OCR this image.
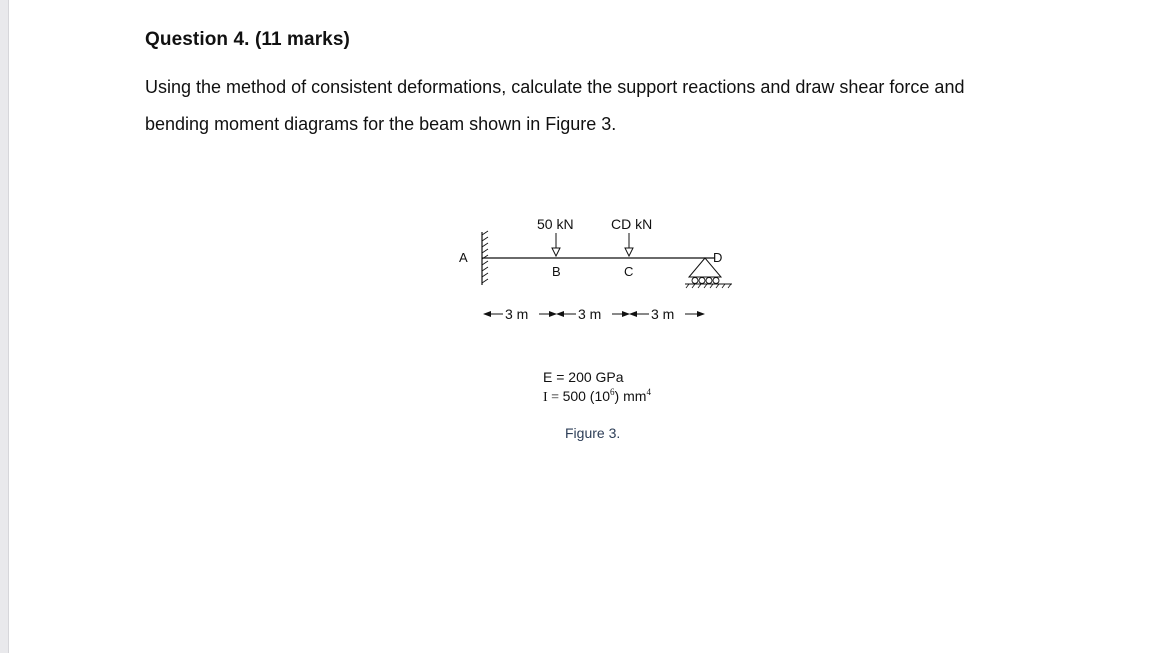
Question 4. (11 marks)

Using the method of consistent deformations, calculate the support reactions and draw shear force and

bending moment diagrams for the beam shown in Figure 3.

50 kN	CD kN
A
B	C
D
3 m	3 m	3 m
E = 200 GPa
I = 500 $(10^6)$ $mm^4$
Figure 3.
